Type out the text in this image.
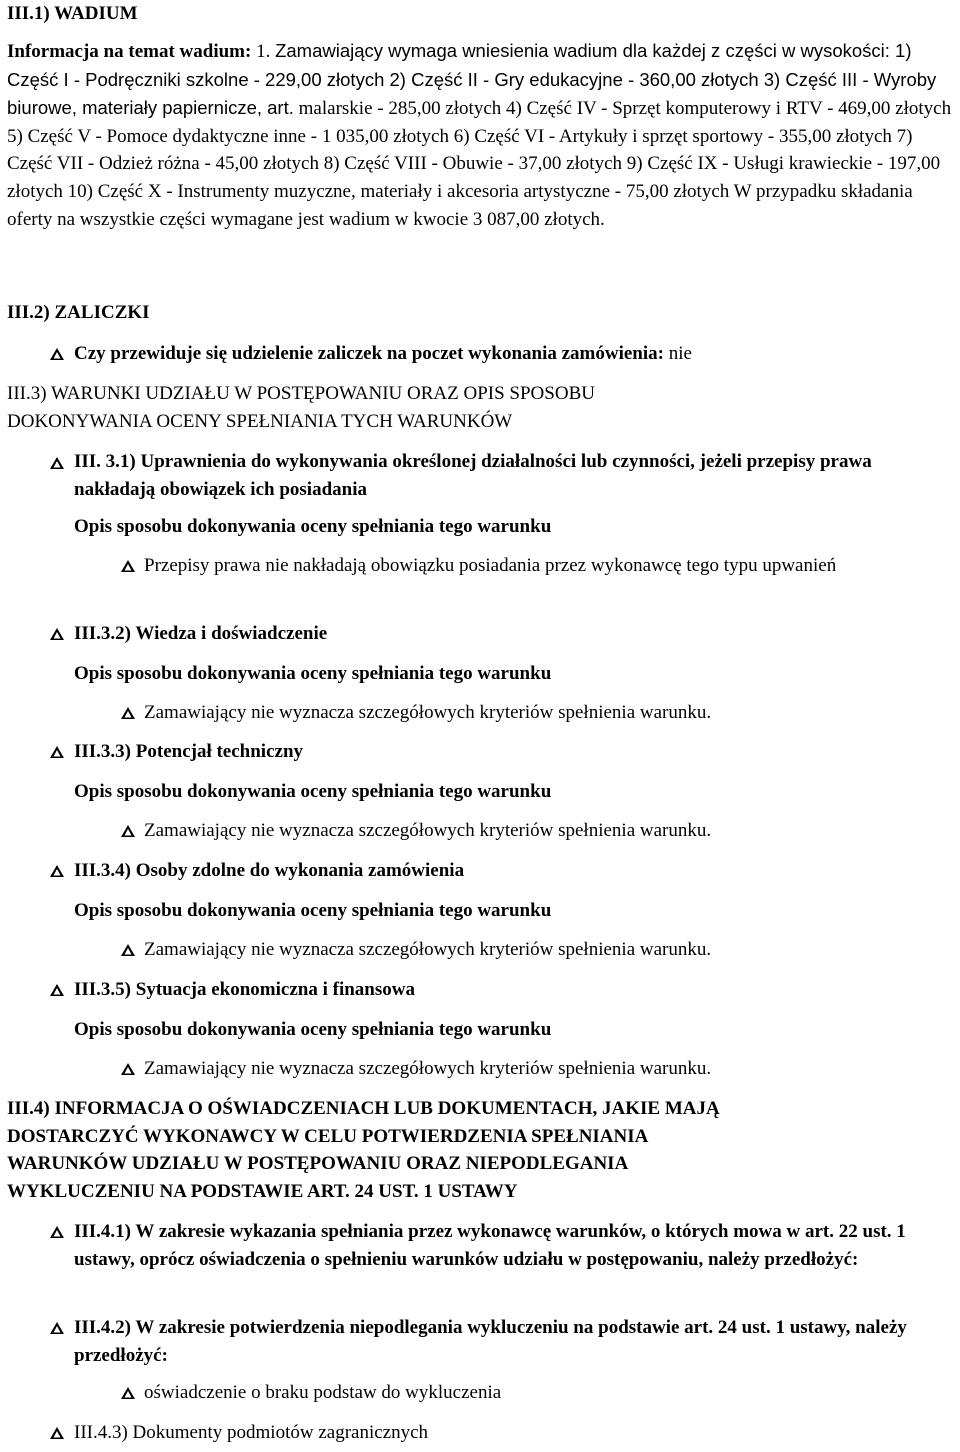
III.1) WADIUM
Informacja na temat wadium: 1. Zamawiający wymaga wniesienia wadium dla każdej z części w wysokości: 1) Część I - Podręczniki szkolne - 229,00 złotych 2) Część II - Gry edukacyjne - 360,00 złotych 3) Część III - Wyroby biurowe, materiały papiernicze, art. malarskie - 285,00 złotych 4) Część IV - Sprzęt komputerowy i RTV - 469,00 złotych 5) Część V - Pomoce dydaktyczne inne - 1 035,00 złotych 6) Część VI - Artykuły i sprzęt sportowy - 355,00 złotych 7) Część VII - Odzież różna - 45,00 złotych 8) Część VIII - Obuwie - 37,00 złotych 9) Część IX - Usługi krawieckie - 197,00 złotych 10) Część X - Instrumenty muzyczne, materiały i akcesoria artystyczne - 75,00 złotych W przypadku składania oferty na wszystkie części wymagane jest wadium w kwocie 3 087,00 złotych.
III.2) ZALICZKI
Czy przewiduje się udzielenie zaliczek na poczet wykonania zamówienia: nie
III.3) WARUNKI UDZIAŁU W POSTĘPOWANIU ORAZ OPIS SPOSOBU
DOKONYWANIA OCENY SPEŁNIANIA TYCH WARUNKÓW
III. 3.1) Uprawnienia do wykonywania określonej działalności lub czynności, jeżeli przepisy prawa nakładają obowiązek ich posiadania
Opis sposobu dokonywania oceny spełniania tego warunku
Przepisy prawa nie nakładają obowiązku posiadania przez wykonawcę tego typu upwanień
III.3.2) Wiedza i doświadczenie
Opis sposobu dokonywania oceny spełniania tego warunku
Zamawiający nie wyznacza szczegółowych kryteriów spełnienia warunku.
III.3.3) Potencjał techniczny
Opis sposobu dokonywania oceny spełniania tego warunku
Zamawiający nie wyznacza szczegółowych kryteriów spełnienia warunku.
III.3.4) Osoby zdolne do wykonania zamówienia
Opis sposobu dokonywania oceny spełniania tego warunku
Zamawiający nie wyznacza szczegółowych kryteriów spełnienia warunku.
III.3.5) Sytuacja ekonomiczna i finansowa
Opis sposobu dokonywania oceny spełniania tego warunku
Zamawiający nie wyznacza szczegółowych kryteriów spełnienia warunku.
III.4) INFORMACJA O OŚWIADCZENIACH LUB DOKUMENTACH, JAKIE MAJĄ
DOSTARCZYĆ WYKONAWCY W CELU POTWIERDZENIA SPEŁNIANIA
WARUNKÓW UDZIAŁU W POSTĘPOWANIU ORAZ NIEPODLEGANIA
WYKLUCZENIU NA PODSTAWIE ART. 24 UST. 1 USTAWY
III.4.1) W zakresie wykazania spełniania przez wykonawcę warunków, o których mowa w art. 22 ust. 1 ustawy, oprócz oświadczenia o spełnieniu warunków udziału w postępowaniu, należy przedłożyć:
III.4.2) W zakresie potwierdzenia niepodlegania wykluczeniu na podstawie art. 24 ust. 1 ustawy, należy przedłożyć:
oświadczenie o braku podstaw do wykluczenia
III.4.3) Dokumenty podmiotów zagranicznych
